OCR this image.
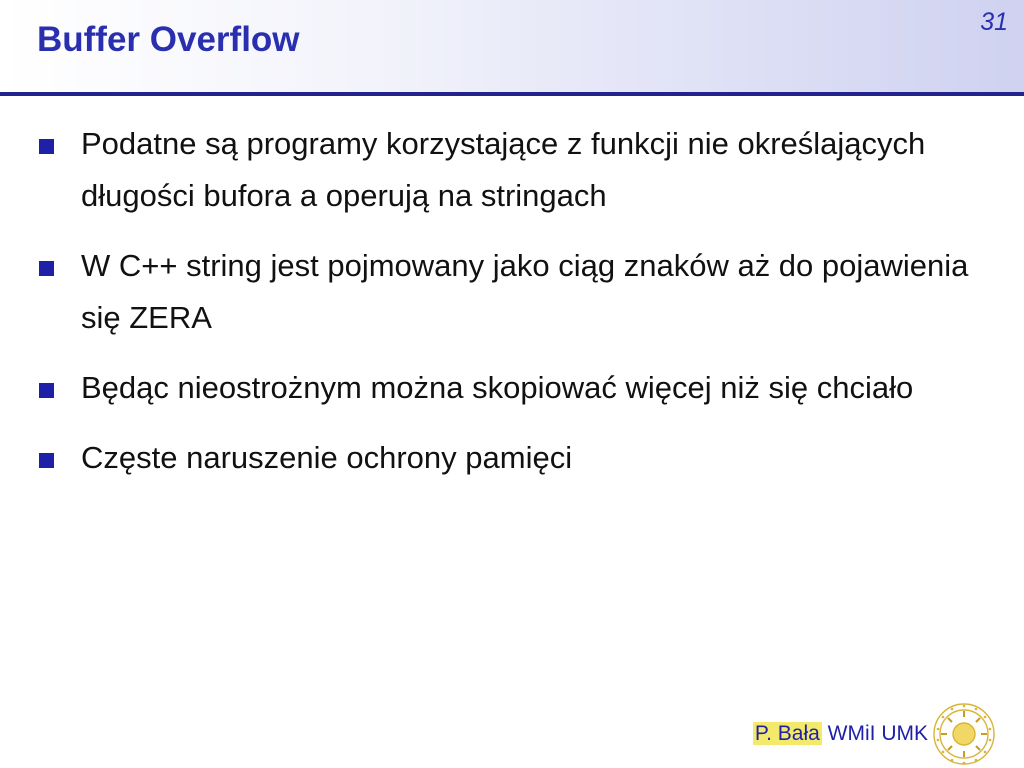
Buffer Overflow	31
Podatne są programy korzystające z funkcji nie określających długości bufora a operują na stringach
W C++ string jest pojmowany jako ciąg znaków aż do pojawienia się ZERA
Będąc nieostrożnym można skopiować więcej niż się chciało
Częste naruszenie ochrony pamięci
P. Bała WMiI UMK
